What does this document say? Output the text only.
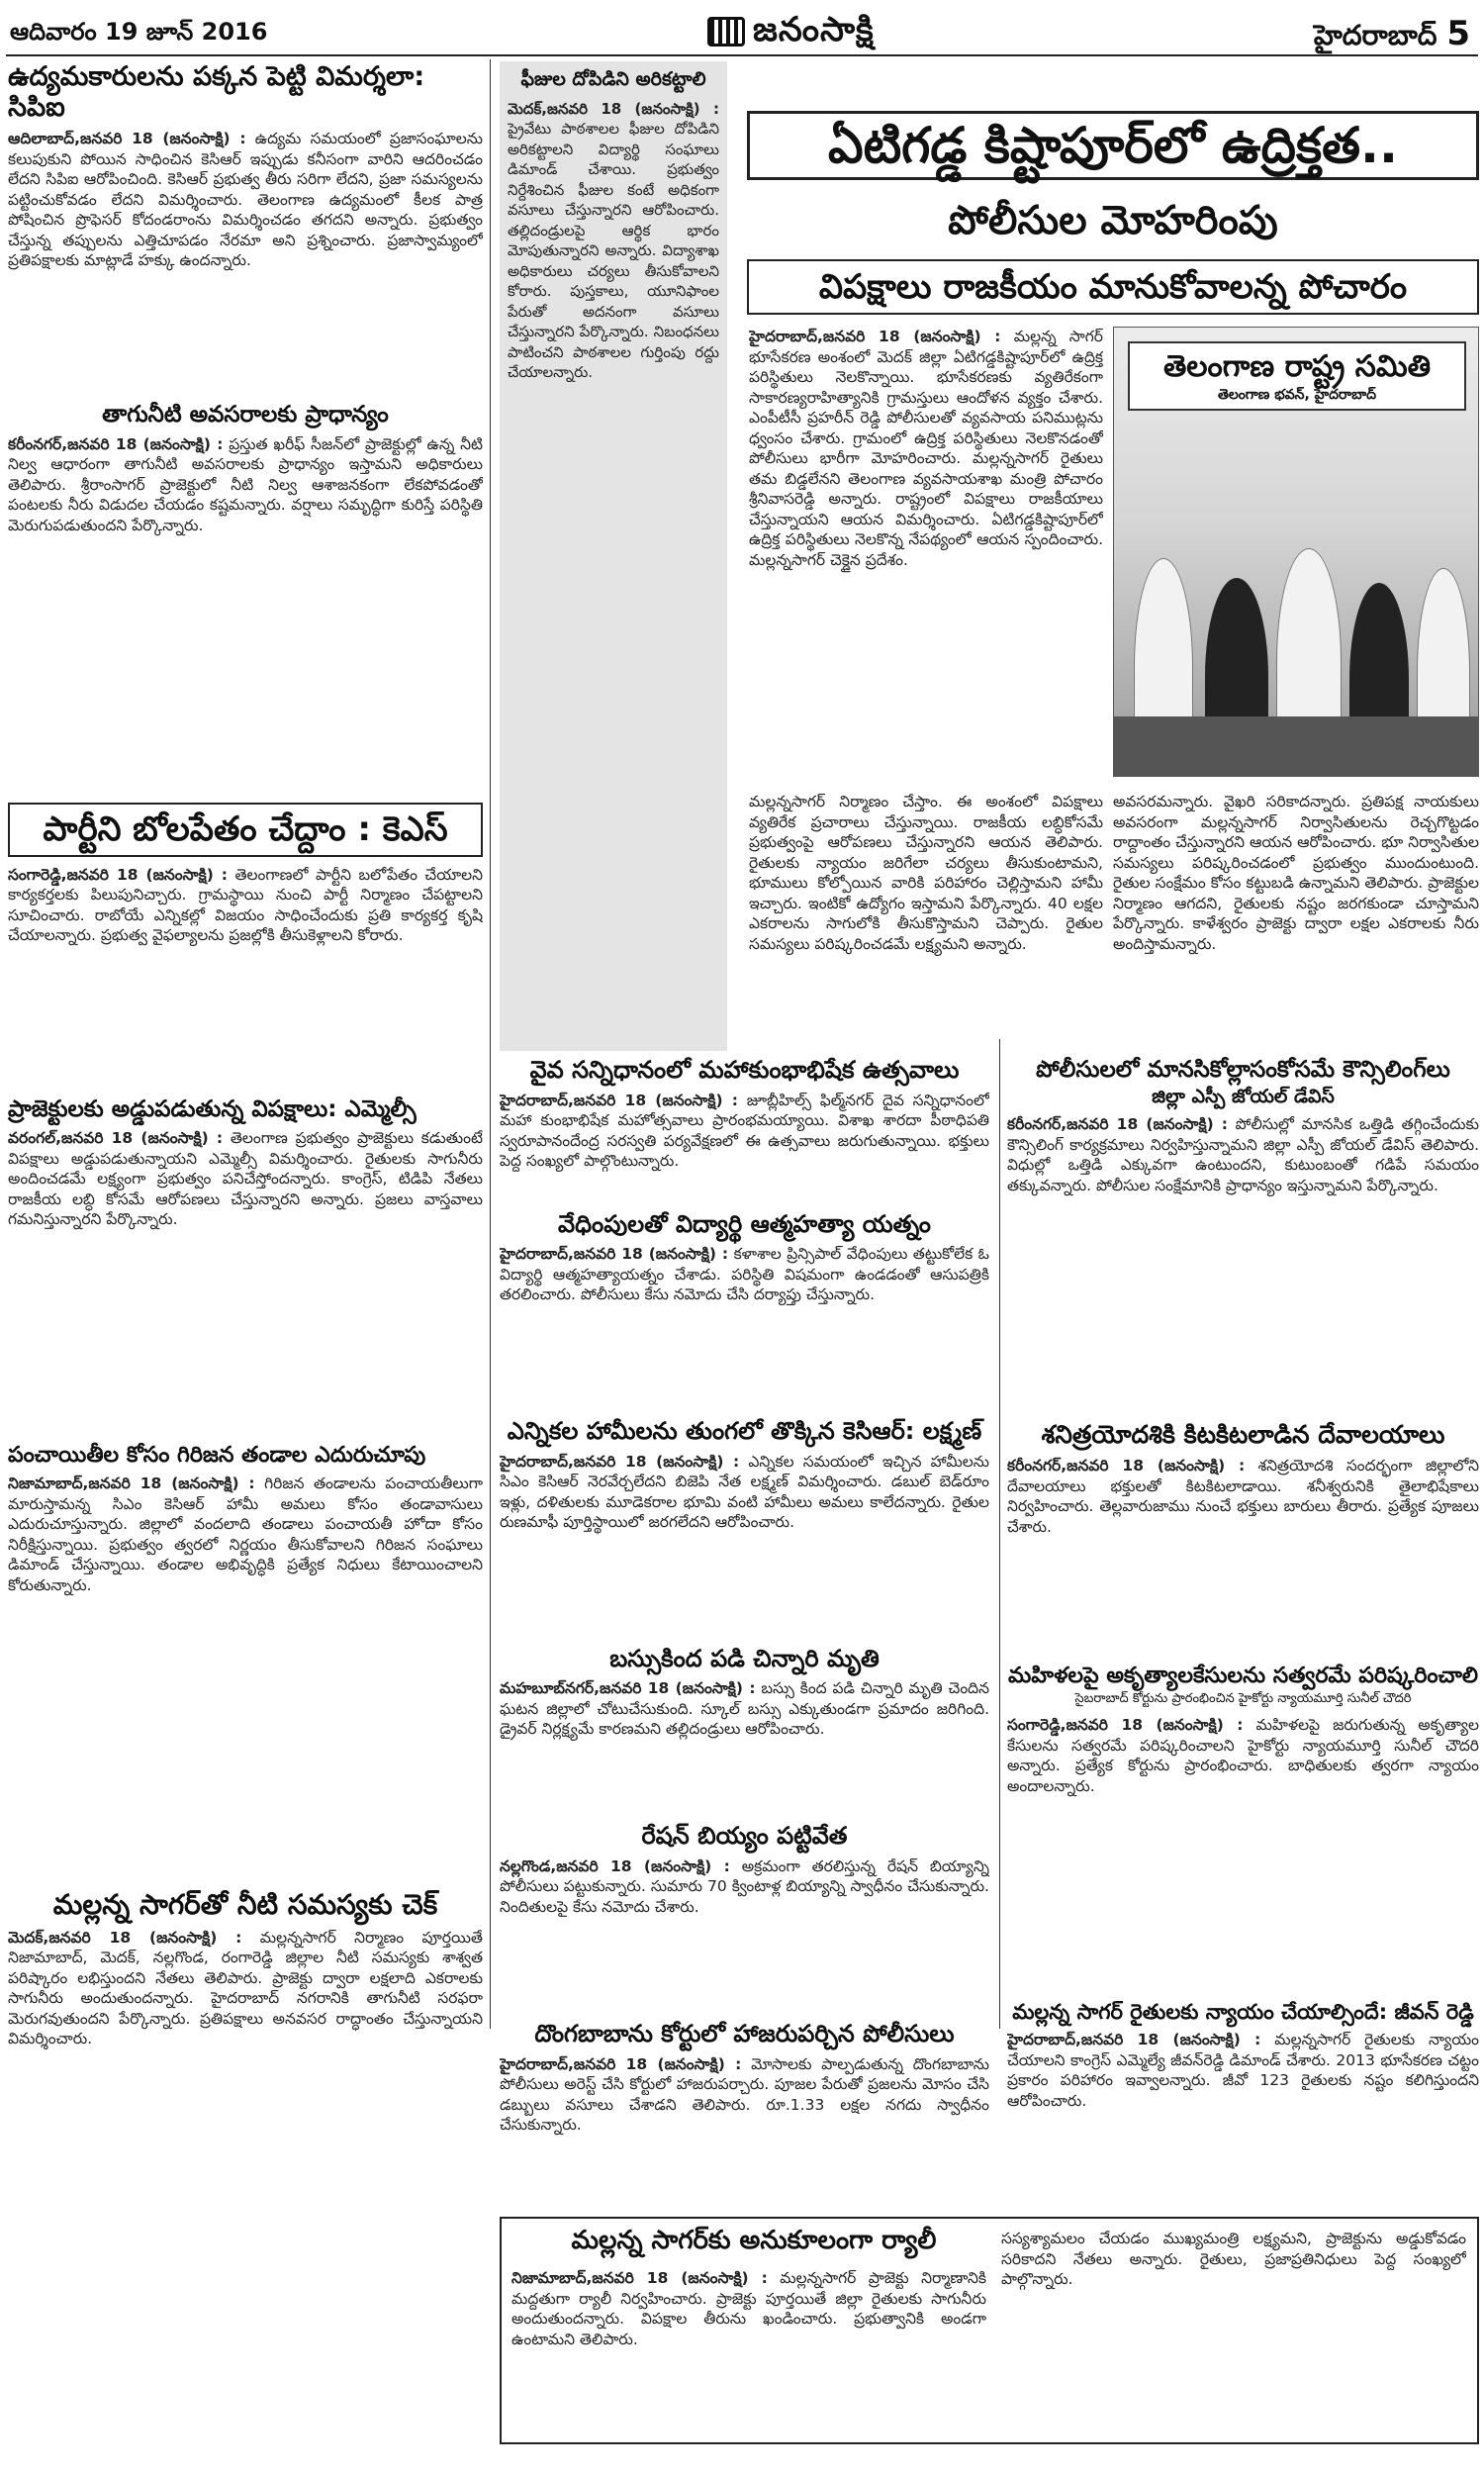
ఆదివారం 19 జూన్ 2016	జనంసాక్షి	హైదరాబాద్ 5
ఉద్యమకారులను పక్కన పెట్టి విమర్శలా: సిపిఐ
ఆదిలాబాద్,జనవరి 18 (జనంసాక్షి) : ఉద్యమ సమయంలో ప్రజాసంఘాలను కలుపుకుని పోయిన సాధించిన కెసిఆర్ ఇప్పుడు కనీసంగా వారిని ఆదరించడం లేదని సిపిఐ ఆరోపించింది. కెసిఆర్ ప్రభుత్వ తీరు సరిగా లేదని, ప్రజా సమస్యలను పట్టించుకోవడం లేదని విమర్శించారు. తెలంగాణ ఉద్యమంలో కీలక పాత్ర పోషించిన ప్రొఫెసర్ కోదండరాంను విమర్శించడం తగదని అన్నారు. ప్రభుత్వం చేస్తున్న తప్పులను ఎత్తిచూపడం నేరమా అని ప్రశ్నించారు. ప్రజాస్వామ్యంలో ప్రతిపక్షాలకు మాట్లాడే హక్కు ఉందన్నారు.
తాగునీటి అవసరాలకు ప్రాధాన్యం
కరీంనగర్,జనవరి 18 (జనంసాక్షి) : ప్రస్తుత ఖరీఫ్ సీజన్‌లో ప్రాజెక్టుల్లో ఉన్న నీటి నిల్వ ఆధారంగా తాగునీటి అవసరాలకు ప్రాధాన్యం ఇస్తామని అధికారులు తెలిపారు. శ్రీరాంసాగర్ ప్రాజెక్టులో నీటి నిల్వ ఆశాజనకంగా లేకపోవడంతో పంటలకు నీరు విడుదల చేయడం కష్టమన్నారు. వర్షాలు సమృద్ధిగా కురిస్తే పరిస్థితి మెరుగుపడుతుందని పేర్కొన్నారు.
పార్టీని బోలపేతం చేద్దాం : కెఎస్
సంగారెడ్డి,జనవరి 18 (జనంసాక్షి) : తెలంగాణలో పార్టీని బలోపేతం చేయాలని కార్యకర్తలకు పిలుపునిచ్చారు. గ్రామస్థాయి నుంచి పార్టీ నిర్మాణం చేపట్టాలని సూచించారు. రాబోయే ఎన్నికల్లో విజయం సాధించేందుకు ప్రతి కార్యకర్త కృషి చేయాలన్నారు. ప్రభుత్వ వైఫల్యాలను ప్రజల్లోకి తీసుకెళ్లాలని కోరారు.
ప్రాజెక్టులకు అడ్డుపడుతున్న విపక్షాలు: ఎమ్మెల్సీ
వరంగల్,జనవరి 18 (జనంసాక్షి) : తెలంగాణ ప్రభుత్వం ప్రాజెక్టులు కడుతుంటే విపక్షాలు అడ్డుపడుతున్నాయని ఎమ్మెల్సీ విమర్శించారు. రైతులకు సాగునీరు అందించడమే లక్ష్యంగా ప్రభుత్వం పనిచేస్తోందన్నారు. కాంగ్రెస్, టిడిపి నేతలు రాజకీయ లబ్ధి కోసమే ఆరోపణలు చేస్తున్నారని అన్నారు. ప్రజలు వాస్తవాలు గమనిస్తున్నారని పేర్కొన్నారు.
పంచాయితీల కోసం గిరిజన తండాల ఎదురుచూపు
నిజామాబాద్,జనవరి 18 (జనంసాక్షి) : గిరిజన తండాలను పంచాయతీలుగా మారుస్తామన్న సిఎం కెసిఆర్ హామీ అమలు కోసం తండావాసులు ఎదురుచూస్తున్నారు. జిల్లాలో వందలాది తండాలు పంచాయతీ హోదా కోసం నిరీక్షిస్తున్నాయి. ప్రభుత్వం త్వరలో నిర్ణయం తీసుకోవాలని గిరిజన సంఘాలు డిమాండ్ చేస్తున్నాయి. తండాల అభివృద్ధికి ప్రత్యేక నిధులు కేటాయించాలని కోరుతున్నారు.
మల్లన్న సాగర్‌తో నీటి సమస్యకు చెక్
మెదక్,జనవరి 18 (జనంసాక్షి) : మల్లన్నసాగర్ నిర్మాణం పూర్తయితే నిజామాబాద్, మెదక్, నల్లగొండ, రంగారెడ్డి జిల్లాల నీటి సమస్యకు శాశ్వత పరిష్కారం లభిస్తుందని నేతలు తెలిపారు. ప్రాజెక్టు ద్వారా లక్షలాది ఎకరాలకు సాగునీరు అందుతుందన్నారు. హైదరాబాద్ నగరానికి తాగునీటి సరఫరా మెరుగవుతుందని పేర్కొన్నారు. ప్రతిపక్షాలు అనవసర రాద్ధాంతం చేస్తున్నాయని విమర్శించారు.
ఫీజుల దోపిడిని అరికట్టాలి
మెదక్,జనవరి 18 (జనంసాక్షి) : ప్రైవేటు పాఠశాలల ఫీజుల దోపిడిని అరికట్టాలని విద్యార్థి సంఘాలు డిమాండ్ చేశాయి. ప్రభుత్వం నిర్దేశించిన ఫీజుల కంటే అధికంగా వసూలు చేస్తున్నారని ఆరోపించారు. తల్లిదండ్రులపై ఆర్థిక భారం మోపుతున్నారని అన్నారు. విద్యాశాఖ అధికారులు చర్యలు తీసుకోవాలని కోరారు. పుస్తకాలు, యూనిఫాంల పేరుతో అదనంగా వసూలు చేస్తున్నారని పేర్కొన్నారు. నిబంధనలు పాటించని పాఠశాలల గుర్తింపు రద్దు చేయాలన్నారు.
ఏటిగడ్డ కిష్టాపూర్‌లో ఉద్రిక్తత..
పోలీసుల మోహరింపు
విపక్షాలు రాజకీయం మానుకోవాలన్న పోచారం
హైదరాబాద్,జనవరి 18 (జనంసాక్షి) : మల్లన్న సాగర్ భూసేకరణ అంశంలో మెదక్ జిల్లా ఏటిగడ్డకిష్టాపూర్‌లో ఉద్రిక్త పరిస్థితులు నెలకొన్నాయి. భూసేకరణకు వ్యతిరేకంగా సాకారణ్యరాహిత్యానికి గ్రామస్తులు ఆందోళన వ్యక్తం చేశారు. ఎంపీటీసీ ప్రహరీన్‌ రెడ్డి పోలీసులతో వ్యవసాయ పనిముట్లను ధ్వంసం చేశారు. గ్రామంలో ఉద్రిక్త పరిస్థితులు నెలకొనడంతో పోలీసులు భారీగా మోహరించారు. మల్లన్నసాగర్‌ రైతులు తమ బిడ్డలేనని తెలంగాణ వ్యవసాయశాఖ మంత్రి పోచారం శ్రీనివాసరెడ్డి అన్నారు. రాష్ట్రంలో విపక్షాలు రాజకీయాలు చేస్తున్నాయని ఆయన విమర్శించారు. ఏటిగడ్డకిష్టాపూర్‌లో ఉద్రిక్త పరిస్థితులు నెలకొన్న నేపథ్యంలో ఆయన స్పందించారు. మల్లన్నసాగర్‌ చెక్డైన ప్రదేశం.
తెలంగాణ రాష్ట్ర సమితి
తెలంగాణ భవన్, హైదరాబాద్
మల్లన్నసాగర్‌ నిర్మాణం చేస్తాం. ఈ అంశంలో విపక్షాలు వ్యతిరేక ప్రచారాలు చేస్తున్నాయి. రాజకీయ లబ్ధికోసమే ప్రభుత్వంపై ఆరోపణలు చేస్తున్నారని ఆయన తెలిపారు. రైతులకు న్యాయం జరిగేలా చర్యలు తీసుకుంటామని, భూములు కోల్పోయిన వారికి పరిహారం చెల్లిస్తామని హామీ ఇచ్చారు. ఇంటికో ఉద్యోగం ఇస్తామని పేర్కొన్నారు. 40 లక్షల ఎకరాలను సాగులోకి తీసుకొస్తామని చెప్పారు. రైతుల సమస్యలు పరిష్కరించడమే లక్ష్యమని అన్నారు.
అవసరమన్నారు. వైఖరి సరికాదన్నారు. ప్రతిపక్ష నాయకులు అవసరంగా మల్లన్నసాగర్ నిర్వాసితులను రెచ్చగొట్టడం రాద్దాంతం చేస్తున్నారని ఆయన ఆరోపించారు. భూ నిర్వాసితుల సమస్యలు పరిష్కరించడంలో ప్రభుత్వం ముందుంటుంది. రైతుల సంక్షేమం కోసం కట్టుబడి ఉన్నామని తెలిపారు. ప్రాజెక్టుల నిర్మాణం ఆగదని, రైతులకు నష్టం జరగకుండా చూస్తామని పేర్కొన్నారు. కాళేశ్వరం ప్రాజెక్టు ద్వారా లక్షల ఎకరాలకు నీరు అందిస్తామన్నారు.
వైవ సన్నిధానంలో మహాకుంభాభిషేక ఉత్సవాలు
హైదరాబాద్,జనవరి 18 (జనంసాక్షి) : జూబ్లీహిల్స్ ఫిల్మ్‌నగర్ దైవ సన్నిధానంలో మహా కుంభాభిషేక మహోత్సవాలు ప్రారంభమయ్యాయి. విశాఖ శారదా పీఠాధిపతి స్వరూపానందేంద్ర సరస్వతి పర్యవేక్షణలో ఈ ఉత్సవాలు జరుగుతున్నాయి. భక్తులు పెద్ద సంఖ్యలో పాల్గొంటున్నారు.
వేధింపులతో విద్యార్థి ఆత్మహత్యా యత్నం
హైదరాబాద్,జనవరి 18 (జనంసాక్షి) : కళాశాల ప్రిన్సిపాల్ వేధింపులు తట్టుకోలేక ఓ విద్యార్థి ఆత్మహత్యాయత్నం చేశాడు. పరిస్థితి విషమంగా ఉండడంతో ఆసుపత్రికి తరలించారు. పోలీసులు కేసు నమోదు చేసి దర్యాప్తు చేస్తున్నారు.
ఎన్నికల హామీలను తుంగలో తొక్కిన కెసిఆర్: లక్ష్మణ్
హైదరాబాద్,జనవరి 18 (జనంసాక్షి) : ఎన్నికల సమయంలో ఇచ్చిన హామీలను సిఎం కెసిఆర్ నెరవేర్చలేదని బిజెపి నేత లక్ష్మణ్ విమర్శించారు. డబుల్ బెడ్‌రూం ఇళ్లు, దళితులకు మూడెకరాల భూమి వంటి హామీలు అమలు కాలేదన్నారు. రైతుల రుణమాఫీ పూర్తిస్థాయిలో జరగలేదని ఆరోపించారు.
బస్సుకింద పడి చిన్నారి మృతి
మహబూబ్‌నగర్,జనవరి 18 (జనంసాక్షి) : బస్సు కింద పడి చిన్నారి మృతి చెందిన ఘటన జిల్లాలో చోటుచేసుకుంది. స్కూల్ బస్సు ఎక్కుతుండగా ప్రమాదం జరిగింది. డ్రైవర్ నిర్లక్ష్యమే కారణమని తల్లిదండ్రులు ఆరోపించారు.
రేషన్ బియ్యం పట్టివేత
నల్లగొండ,జనవరి 18 (జనంసాక్షి) : అక్రమంగా తరలిస్తున్న రేషన్ బియ్యాన్ని పోలీసులు పట్టుకున్నారు. సుమారు 70 క్వింటాళ్ల బియ్యాన్ని స్వాధీనం చేసుకున్నారు. నిందితులపై కేసు నమోదు చేశారు.
దొంగబాబాను కోర్టులో హాజరుపర్చిన పోలీసులు
హైదరాబాద్,జనవరి 18 (జనంసాక్షి) : మోసాలకు పాల్పడుతున్న దొంగబాబాను పోలీసులు అరెస్ట్ చేసి కోర్టులో హాజరుపర్చారు. పూజల పేరుతో ప్రజలను మోసం చేసి డబ్బులు వసూలు చేశాడని తెలిపారు. రూ.1.33 లక్షల నగదు స్వాధీనం చేసుకున్నారు.
పోలీసులలో మానసికోల్లాసంకోసమే కౌన్సిలింగ్‌లు
జిల్లా ఎస్పీ జోయల్ డేవిస్
కరీంనగర్,జనవరి 18 (జనంసాక్షి) : పోలీసుల్లో మానసిక ఒత్తిడి తగ్గించేందుకు కౌన్సిలింగ్ కార్యక్రమాలు నిర్వహిస్తున్నామని జిల్లా ఎస్పీ జోయల్ డేవిస్ తెలిపారు. విధుల్లో ఒత్తిడి ఎక్కువగా ఉంటుందని, కుటుంబంతో గడిపే సమయం తక్కువన్నారు. పోలీసుల సంక్షేమానికి ప్రాధాన్యం ఇస్తున్నామని పేర్కొన్నారు.
శనిత్రయోదశికి కిటకిటలాడిన దేవాలయాలు
కరీంనగర్,జనవరి 18 (జనంసాక్షి) : శనిత్రయోదశి సందర్భంగా జిల్లాలోని దేవాలయాలు భక్తులతో కిటకిటలాడాయి. శనీశ్వరునికి తైలాభిషేకాలు నిర్వహించారు. తెల్లవారుజాము నుంచే భక్తులు బారులు తీరారు. ప్రత్యేక పూజలు చేశారు.
మహిళలపై అకృత్యాలకేసులను సత్వరమే పరిష్కరించాలి
సైబరాబాద్ కోర్టును ప్రారంభించిన హైకోర్టు న్యాయమూర్తి సునీల్ చౌదరి
సంగారెడ్డి,జనవరి 18 (జనంసాక్షి) : మహిళలపై జరుగుతున్న అకృత్యాల కేసులను సత్వరమే పరిష్కరించాలని హైకోర్టు న్యాయమూర్తి సునీల్ చౌదరి అన్నారు. ప్రత్యేక కోర్టును ప్రారంభించారు. బాధితులకు త్వరగా న్యాయం అందాలన్నారు.
మల్లన్న సాగర్ రైతులకు న్యాయం చేయాల్సిందే: జీవన్ రెడ్డి
హైదరాబాద్,జనవరి 18 (జనంసాక్షి) : మల్లన్నసాగర్ రైతులకు న్యాయం చేయాలని కాంగ్రెస్ ఎమ్మెల్యే జీవన్‌రెడ్డి డిమాండ్ చేశారు. 2013 భూసేకరణ చట్టం ప్రకారం పరిహారం ఇవ్వాలన్నారు. జీవో 123 రైతులకు నష్టం కలిగిస్తుందని ఆరోపించారు.
మల్లన్న సాగర్‌కు అనుకూలంగా ర్యాలీ
నిజామాబాద్,జనవరి 18 (జనంసాక్షి) : మల్లన్నసాగర్ ప్రాజెక్టు నిర్మాణానికి మద్దతుగా ర్యాలీ నిర్వహించారు. ప్రాజెక్టు పూర్తయితే జిల్లా రైతులకు సాగునీరు అందుతుందన్నారు. విపక్షాల తీరును ఖండించారు. ప్రభుత్వానికి అండగా ఉంటామని తెలిపారు.
సస్యశ్యామలం చేయడం ముఖ్యమంత్రి లక్ష్యమని, ప్రాజెక్టును అడ్డుకోవడం సరికాదని నేతలు అన్నారు. రైతులు, ప్రజాప్రతినిధులు పెద్ద సంఖ్యలో పాల్గొన్నారు.
